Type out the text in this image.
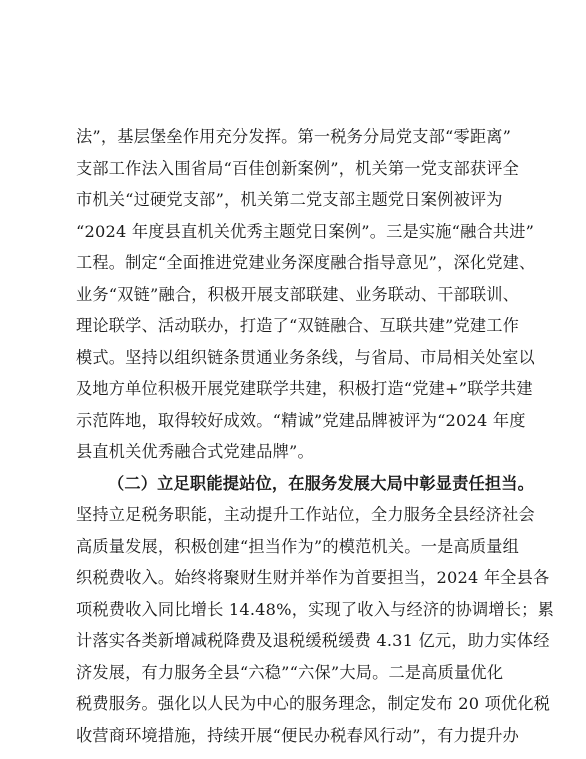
法”，基层堡垒作用充分发挥。第一税务分局党支部“零距离”
支部工作法入围省局“百佳创新案例”，机关第一党支部获评全
市机关“过硬党支部”，机关第二党支部主题党日案例被评为
“2024 年度县直机关优秀主题党日案例”。三是实施“融合共进”
工程。制定“全面推进党建业务深度融合指导意见”，深化党建、
业务“双链”融合，积极开展支部联建、业务联动、干部联训、
理论联学、活动联办，打造了“双链融合、互联共建”党建工作
模式。坚持以组织链条贯通业务条线，与省局、市局相关处室以
及地方单位积极开展党建联学共建，积极打造“党建+”联学共建
示范阵地，取得较好成效。“精诚”党建品牌被评为“2024 年度
县直机关优秀融合式党建品牌”。
（二）立足职能提站位，在服务发展大局中彰显责任担当。
坚持立足税务职能，主动提升工作站位，全力服务全县经济社会
高质量发展，积极创建“担当作为”的模范机关。一是高质量组
织税费收入。始终将聚财生财并举作为首要担当，2024 年全县各
项税费收入同比增长 14.48%，实现了收入与经济的协调增长；累
计落实各类新增减税降费及退税缓税缓费 4.31 亿元，助力实体经
济发展，有力服务全县“六稳”“六保”大局。二是高质量优化
税费服务。强化以人民为中心的服务理念，制定发布 20 项优化税
收营商环境措施，持续开展“便民办税春风行动”，有力提升办
